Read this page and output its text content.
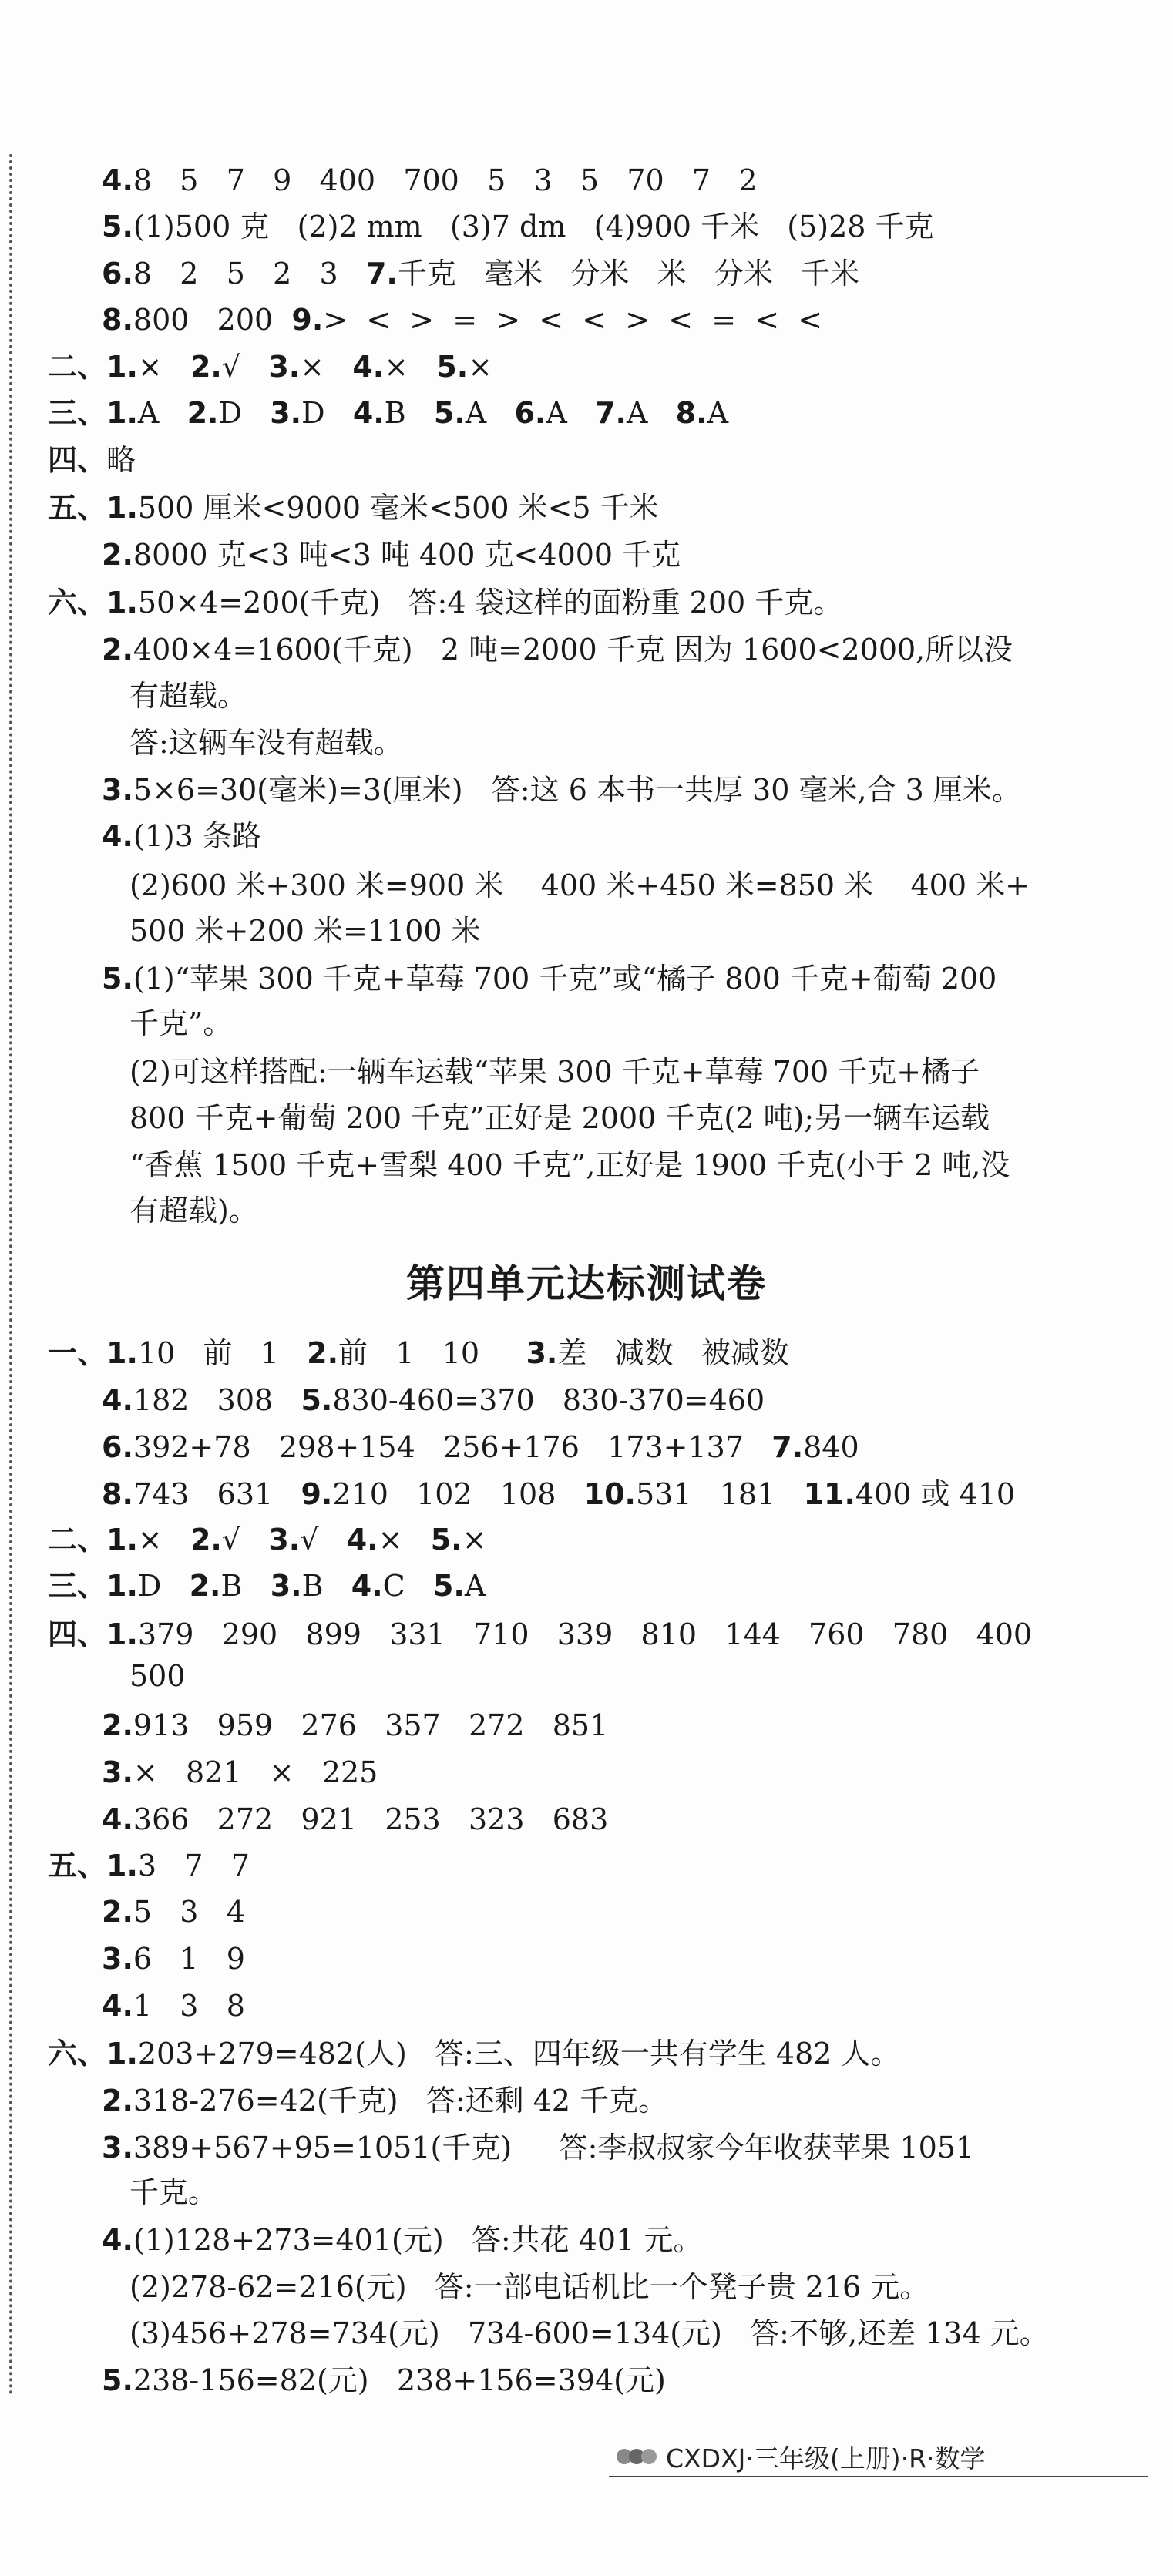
4.8   5   7   9   400   700   5   3   5   70   7   2
5.(1)500 克   (2)2 mm   (3)7 dm   (4)900 千米   (5)28 千克
6.8   2   5   2   3 7.千克   毫米   分米   米   分米   千米
8.800   200 9.>  <  >  =  >  <  <  >  <  =  <  <
二、1.× 2.√ 3.× 4.× 5.×
三、1.A 2.D 3.D 4.B 5.A 6.A 7.A 8.A
四、略
五、1.500 厘米<9000 毫米<500 米<5 千米
2.8000 克<3 吨<3 吨 400 克<4000 千克
六、1.50×4=200(千克)   答:4 袋这样的面粉重 200 千克。
2.400×4=1600(千克)   2 吨=2000 千克 因为 1600<2000,所以没
有超载。
答:这辆车没有超载。
3.5×6=30(毫米)=3(厘米)   答:这 6 本书一共厚 30 毫米,合 3 厘米。
4.(1)3 条路
(2)600 米+300 米=900 米    400 米+450 米=850 米    400 米+
500 米+200 米=1100 米
5.(1)“苹果 300 千克+草莓 700 千克”或“橘子 800 千克+葡萄 200
千克”。
(2)可这样搭配:一辆车运载“苹果 300 千克+草莓 700 千克+橘子
800 千克+葡萄 200 千克”正好是 2000 千克(2 吨);另一辆车运载
“香蕉 1500 千克+雪梨 400 千克”,正好是 1900 千克(小于 2 吨,没
有超载)。
第四单元达标测试卷
一、1.10   前   1 2.前   1   10 3.差   减数   被减数
4.182   308 5.830-460=370   830-370=460
6.392+78   298+154   256+176   173+137 7.840
8.743   631 9.210   102   108 10.531   181 11.400 或 410
二、1.× 2.√ 3.√ 4.× 5.×
三、1.D 2.B 3.B 4.C 5.A
四、1.379   290   899   331   710   339   810   144   760   780   400
500
2.913   959   276   357   272   851
3.×   821   ×   225
4.366   272   921   253   323   683
五、1.3   7   7
2.5   3   4
3.6   1   9
4.1   3   8
六、1.203+279=482(人)   答:三、四年级一共有学生 482 人。
2.318-276=42(千克)   答:还剩 42 千克。
3.389+567+95=1051(千克)     答:李叔叔家今年收获苹果 1051
千克。
4.(1)128+273=401(元)   答:共花 401 元。
(2)278-62=216(元)   答:一部电话机比一个凳子贵 216 元。
(3)456+278=734(元)   734-600=134(元)   答:不够,还差 134 元。
5.238-156=82(元)   238+156=394(元)
CXDXJ·三年级(上册)·R·数学
